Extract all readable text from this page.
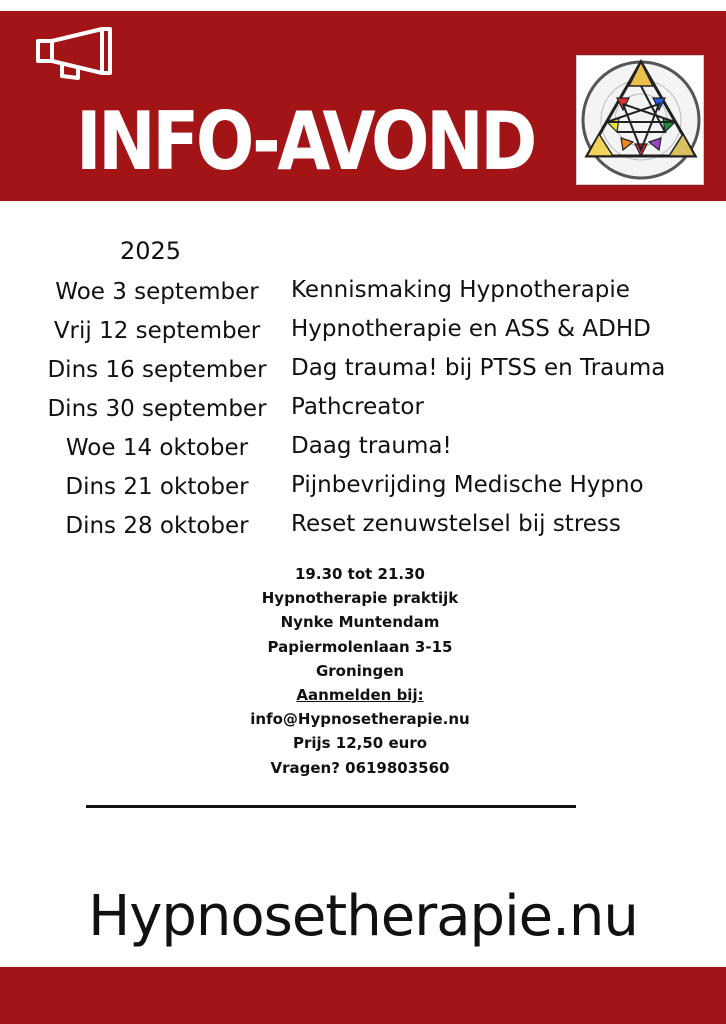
INFO-AVOND
2025
Woe 3 september	Kennismaking Hypnotherapie
Vrij 12 september	Hypnotherapie en ASS & ADHD
Dins 16 september	Dag trauma! bij PTSS en Trauma
Dins 30 september	Pathcreator
Woe 14 oktober	Daag trauma!
Dins 21 oktober	Pijnbevrijding Medische Hypno
Dins 28 oktober	Reset zenuwstelsel bij stress
19.30 tot 21.30
Hypnotherapie praktijk
Nynke Muntendam
Papiermolenlaan 3-15
Groningen
Aanmelden bij:
info@Hypnosetherapie.nu
Prijs 12,50 euro
Vragen? 0619803560
Hypnosetherapie.nu
